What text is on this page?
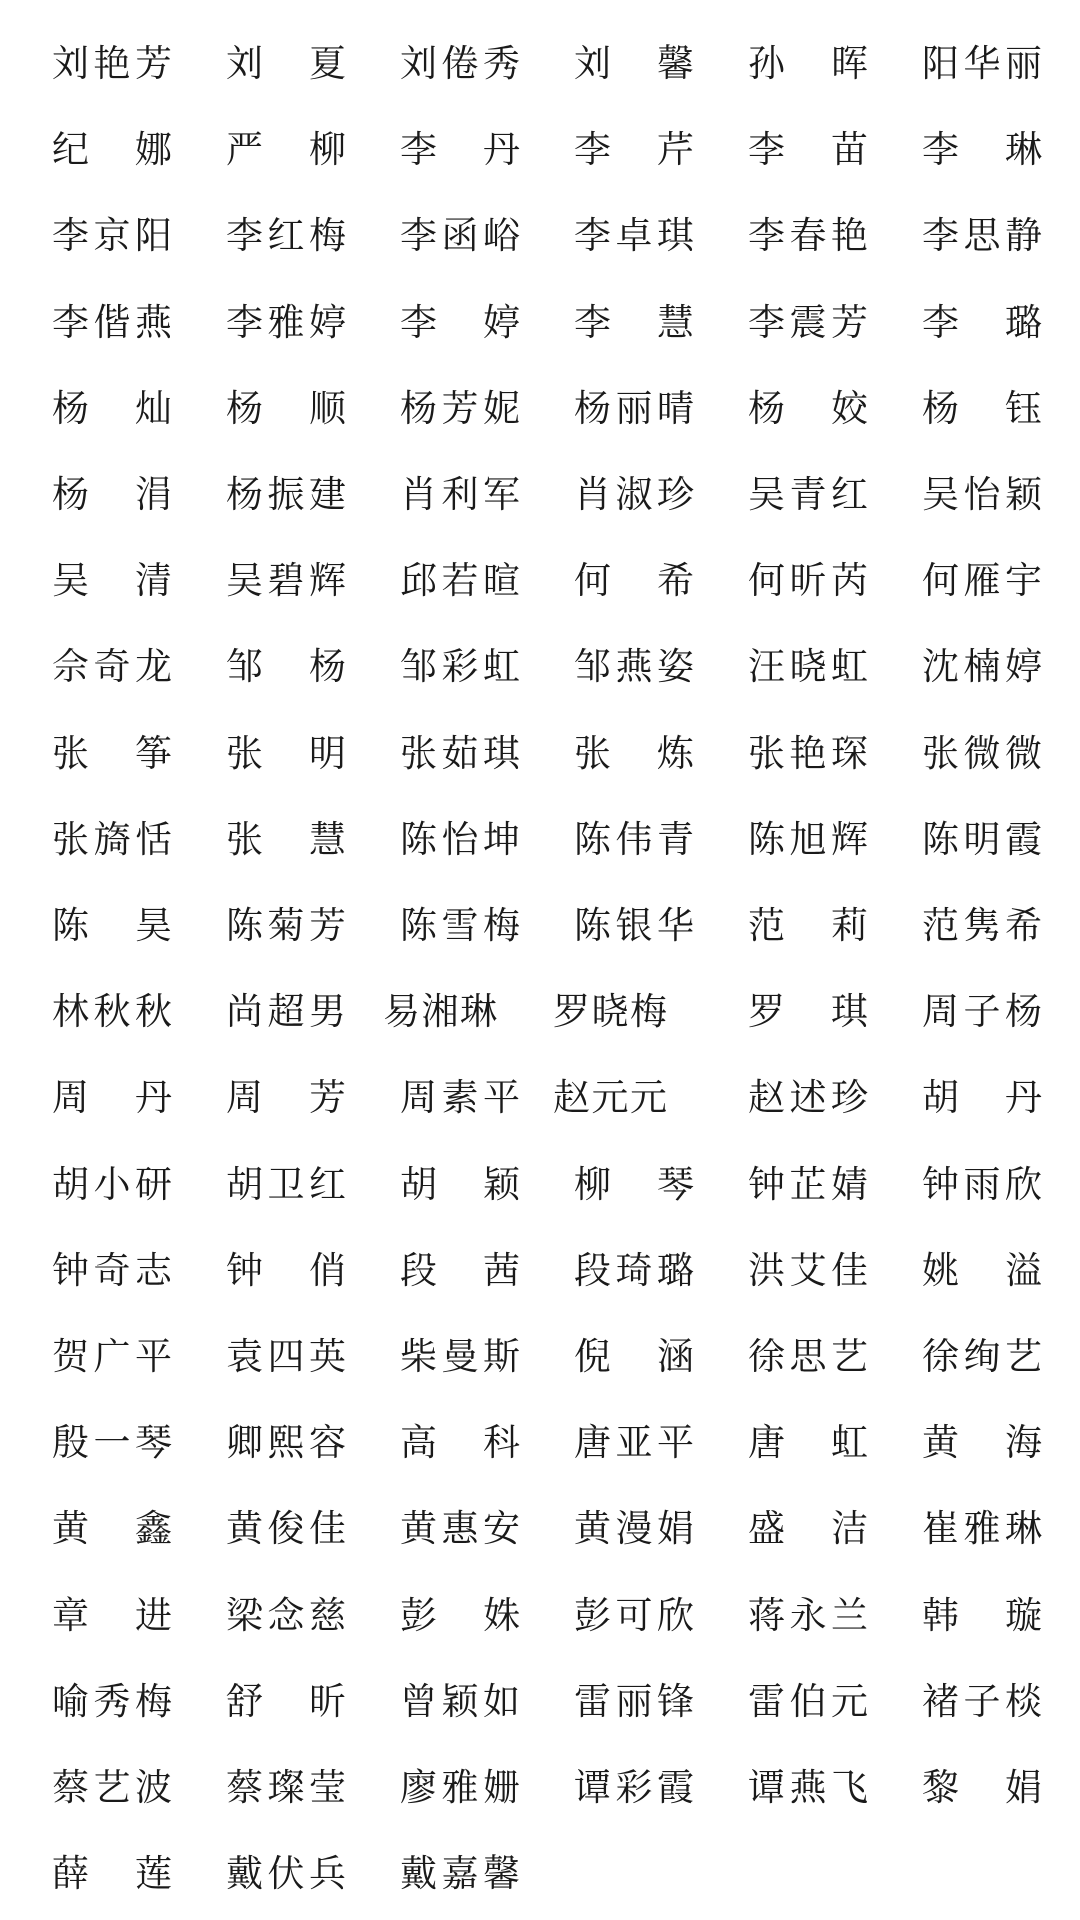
刘 艳 芳 刘 夏 刘 倦 秀 刘 馨 孙 晖 阳 华 丽
纪 娜 严 柳 李 丹 李 芹 李 苗 李 琳
李 京 阳 李 红 梅 李 函 峪 李 卓 琪 李 春 艳 李 思 静
李 偕 燕 李 雅 婷 李 婷 李 慧 李 震 芳 李 璐
杨 灿 杨 顺 杨 芳 妮 杨 丽 晴 杨 姣 杨 钰
杨 涓 杨 振 建 肖 利 军 肖 淑 珍 吴 青 红 吴 怡 颖
吴 清 吴 碧 辉 邱 若 暄 何 希 何 昕 芮 何 雁 宇
佘 奇 龙 邹 杨 邹 彩 虹 邹 燕 姿 汪 晓 虹 沈 楠 婷
张 筝 张 明 张 茹 琪 张 炼 张 艳 琛 张 微 微
张 旖 恬 张 慧 陈 怡 坤 陈 伟 青 陈 旭 辉 陈 明 霞
陈 昊 陈 菊 芳 陈 雪 梅 陈 银 华 范 莉 范 隽 希
林 秋 秋 尚 超 男 易 湘 琳 罗 晓 梅 罗 琪 周 子 杨
周 丹 周 芳 周 素 平 赵 元 元 赵 述 珍 胡 丹
胡 小 研 胡 卫 红 胡 颖 柳 琴 钟 芷 婧 钟 雨 欣
钟 奇 志 钟 俏 段 茜 段 琦 璐 洪 艾 佳 姚 溢
贺 广 平 袁 四 英 柴 曼 斯 倪 涵 徐 思 艺 徐 绚 艺
殷 一 琴 卿 熙 容 高 科 唐 亚 平 唐 虹 黄 海
黄 鑫 黄 俊 佳 黄 惠 安 黄 漫 娟 盛 洁 崔 雅 琳
章 进 梁 念 慈 彭 姝 彭 可 欣 蒋 永 兰 韩 璇
喻 秀 梅 舒 昕 曾 颖 如 雷 丽 锋 雷 伯 元 褚 子 棪
蔡 艺 波 蔡 璨 莹 廖 雅 姗 谭 彩 霞 谭 燕 飞 黎 娟
薛 莲 戴 伏 兵 戴 嘉 馨
